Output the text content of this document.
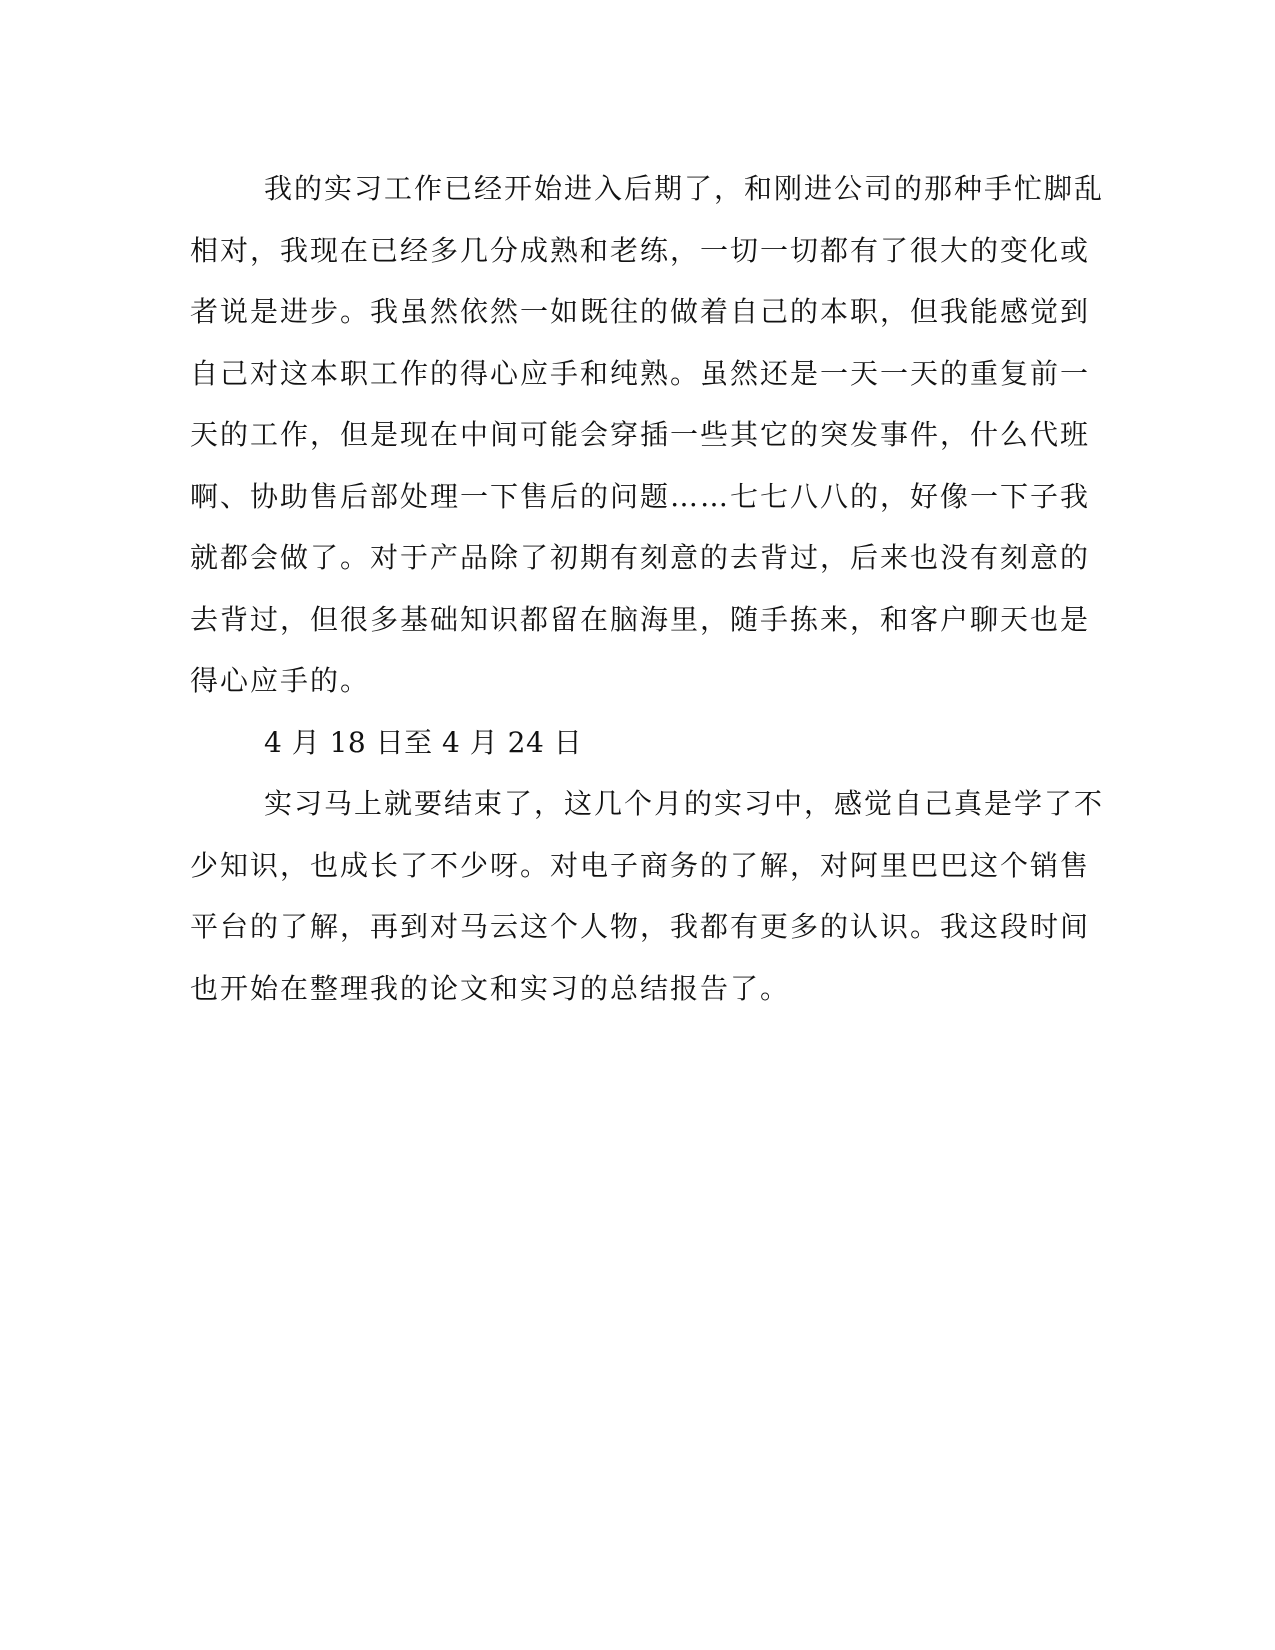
我的实习工作已经开始进入后期了，和刚进公司的那种手忙脚乱
相对，我现在已经多几分成熟和老练，一切一切都有了很大的变化或
者说是进步。我虽然依然一如既往的做着自己的本职，但我能感觉到
自己对这本职工作的得心应手和纯熟。虽然还是一天一天的重复前一
天的工作，但是现在中间可能会穿插一些其它的突发事件，什么代班
啊、协助售后部处理一下售后的问题……七七八八的，好像一下子我
就都会做了。对于产品除了初期有刻意的去背过，后来也没有刻意的
去背过，但很多基础知识都留在脑海里，随手拣来，和客户聊天也是
得心应手的。
4 月 18 日至 4 月 24 日
实习马上就要结束了，这几个月的实习中，感觉自己真是学了不
少知识，也成长了不少呀。对电子商务的了解，对阿里巴巴这个销售
平台的了解，再到对马云这个人物，我都有更多的认识。我这段时间
也开始在整理我的论文和实习的总结报告了。
